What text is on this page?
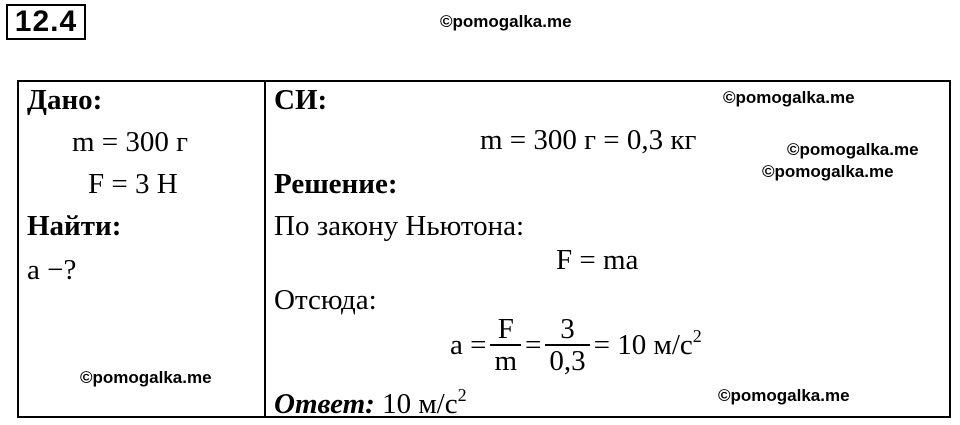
12.4	©pomogalka.me
Дано:
m = 300 г
F = 3 Н
Найти:
a −?
©pomogalka.me
СИ:	©pomogalka.me
m = 300 г = 0,3 кг	©pomogalka.me
©pomogalka.me
Решение:
По закону Ньютона:
F = ma
Отсюда:
$a = \frac{F}{m} = \frac{3}{0,3} = 10$ $м/с^2$
Ответ: 10 $м/с^2$	©pomogalka.me
